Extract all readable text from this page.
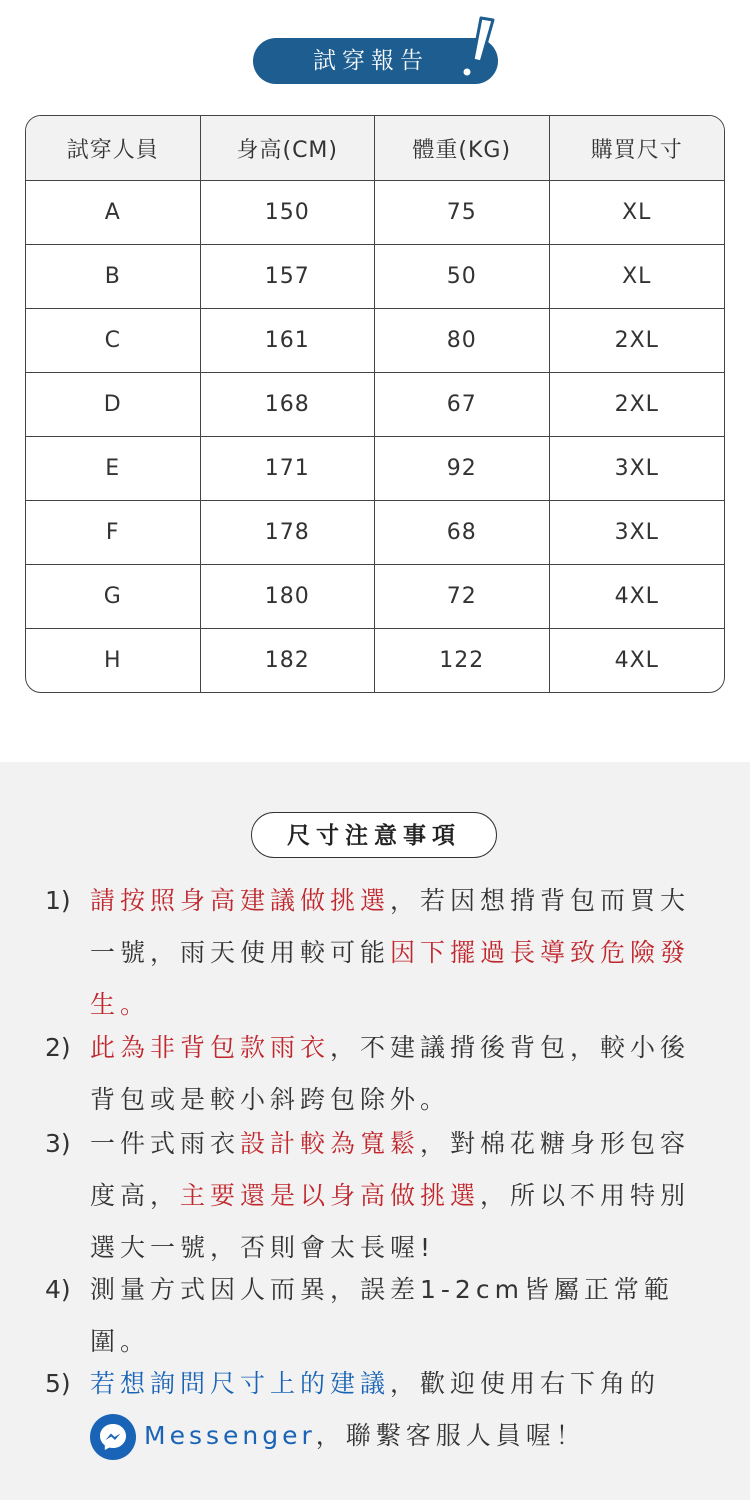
試穿報告
試穿人員	身高(CM)	體重(KG)	購買尺寸
A	150	75	XL
B	157	50	XL
C	161	80	2XL
D	168	67	2XL
E	171	92	3XL
F	178	68	3XL
G	180	72	4XL
H	182	122	4XL
尺寸注意事項
1) 請按照身高建議做挑選，若因想揹背包而買大一號，雨天使用較可能因下擺過長導致危險發生。
2) 此為非背包款雨衣，不建議揹後背包，較小後背包或是較小斜跨包除外。
3) 一件式雨衣設計較為寬鬆，對棉花糖身形包容度高，主要還是以身高做挑選，所以不用特別選大一號，否則會太長喔!
4) 測量方式因人而異，誤差1-2cm皆屬正常範圍。
5) 若想詢問尺寸上的建議，歡迎使用右下角的
Messenger，聯繫客服人員喔！
